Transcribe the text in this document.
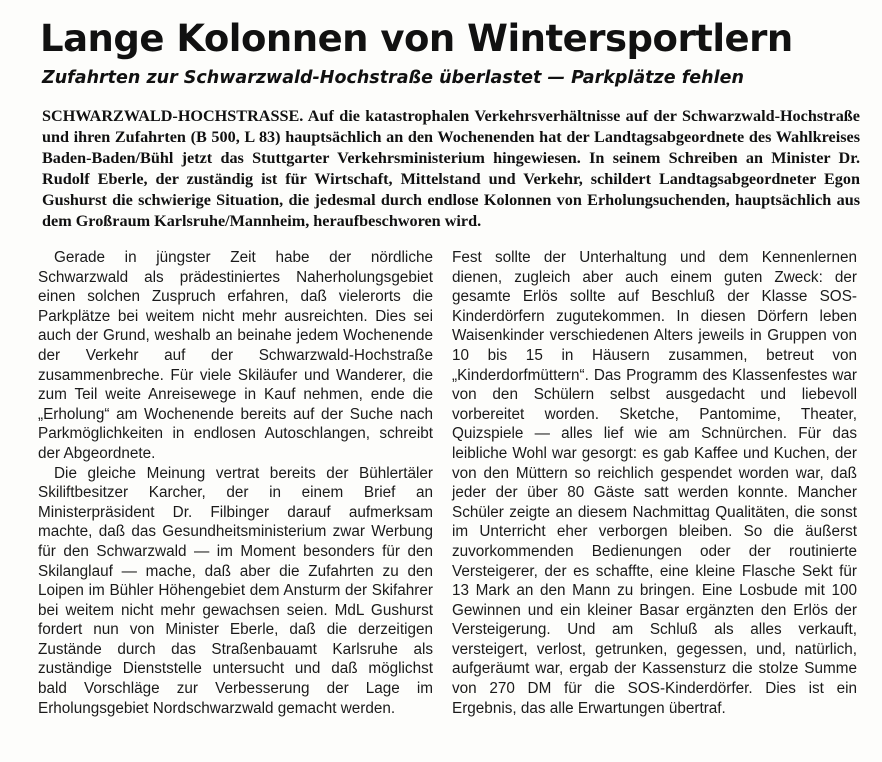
Lange Kolonnen von Wintersportlern
Zufahrten zur Schwarzwald-Hochstraße überlastet — Parkplätze fehlen

SCHWARZWALD-HOCHSTRASSE. Auf die katastrophalen Verkehrsverhältnisse auf der Schwarzwald-Hochstraße und ihren Zufahrten (B 500, L 83) hauptsächlich an den Wochenenden hat der Landtagsabgeordnete des Wahlkreises Baden-Baden/Bühl jetzt das Stuttgarter Verkehrsministerium hingewiesen. In seinem Schreiben an Minister Dr. Rudolf Eberle, der zuständig ist für Wirtschaft, Mittelstand und Verkehr, schildert Landtagsabgeordneter Egon Gushurst die schwierige Situation, die jedesmal durch endlose Kolonnen von Erholungsuchenden, hauptsächlich aus dem Großraum Karlsruhe/Mannheim, heraufbeschworen wird.

Gerade in jüngster Zeit habe der nördliche Schwarzwald als prädestiniertes Naherholungsgebiet einen solchen Zuspruch erfahren, daß vielerorts die Parkplätze bei weitem nicht mehr ausreichten. Dies sei auch der Grund, weshalb an beinahe jedem Wochenende der Verkehr auf der Schwarzwald-Hochstraße zusammenbreche. Für viele Skiläufer und Wanderer, die zum Teil weite Anreisewege in Kauf nehmen, ende die „Erholung“ am Wochenende bereits auf der Suche nach Parkmöglichkeiten in endlosen Autoschlangen, schreibt der Abgeordnete.

Die gleiche Meinung vertrat bereits der Bühlertäler Skiliftbesitzer Karcher, der in einem Brief an Ministerpräsident Dr. Filbinger darauf aufmerksam machte, daß das Gesundheitsministerium zwar Werbung für den Schwarzwald — im Moment besonders für den Skilanglauf — mache, daß aber die Zufahrten zu den Loipen im Bühler Höhengebiet dem Ansturm der Skifahrer bei weitem nicht mehr gewachsen seien. MdL Gushurst fordert nun von Minister Eberle, daß die derzeitigen Zustände durch das Straßenbauamt Karlsruhe als zuständige Dienststelle untersucht und daß möglichst bald Vorschläge zur Verbesserung der Lage im Erholungsgebiet Nordschwarzwald gemacht werden.

Fest sollte der Unterhaltung und dem Kennenlernen dienen, zugleich aber auch einem guten Zweck: der gesamte Erlös sollte auf Beschluß der Klasse SOS-Kinderdörfern zugutekommen. In diesen Dörfern leben Waisenkinder verschiedenen Alters jeweils in Gruppen von 10 bis 15 in Häusern zusammen, betreut von „Kinderdorfmüttern“. Das Programm des Klassenfestes war von den Schülern selbst ausgedacht und liebevoll vorbereitet worden. Sketche, Pantomime, Theater, Quizspiele — alles lief wie am Schnürchen. Für das leibliche Wohl war gesorgt: es gab Kaffee und Kuchen, der von den Müttern so reichlich gespendet worden war, daß jeder der über 80 Gäste satt werden konnte. Mancher Schüler zeigte an diesem Nachmittag Qualitäten, die sonst im Unterricht eher verborgen bleiben. So die äußerst zuvorkommenden Bedienungen oder der routinierte Versteigerer, der es schaffte, eine kleine Flasche Sekt für 13 Mark an den Mann zu bringen. Eine Losbude mit 100 Gewinnen und ein kleiner Basar ergänzten den Erlös der Versteigerung. Und am Schluß als alles verkauft, versteigert, verlost, getrunken, gegessen, und, natürlich, aufgeräumt war, ergab der Kassensturz die stolze Summe von 270 DM für die SOS-Kinderdörfer. Dies ist ein Ergebnis, das alle Erwartungen übertraf.
